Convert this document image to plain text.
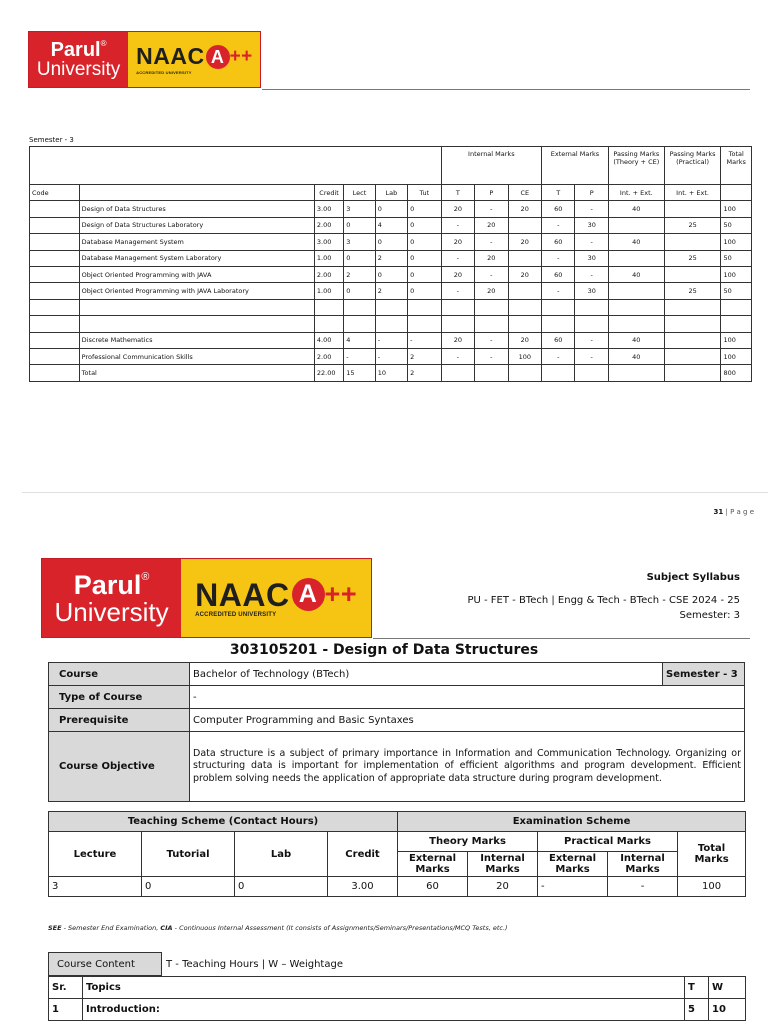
Parul®
University
NAAC A ++
ACCREDITED UNIVERSITY
Semester - 3
						Internal Marks			External Marks		Passing Marks (Theory + CE)	Passing Marks (Practical)	Total Marks
Code		Credit	Lect	Lab	Tut	T	P	CE	T	P	Int. + Ext.	Int. + Ext.	
	Design of Data Structures	3.00	3	0	0	20	-	20	60	-	40		100
	Design of Data Structures Laboratory	2.00	0	4	0	-	20		-	30		25	50
	Database Management System	3.00	3	0	0	20	-	20	60	-	40		100
	Database Management System Laboratory	1.00	0	2	0	-	20		-	30		25	50
	Object Oriented Programming with JAVA	2.00	2	0	0	20	-	20	60	-	40		100
	Object Oriented Programming with JAVA Laboratory	1.00	0	2	0	-	20		-	30		25	50

	Discrete Mathematics	4.00	4	-	-	20	-	20	60	-	40		100
	Professional Communication Skills	2.00	-	-	2	-	-	100	-	-	40		100
	Total	22.00	15	10	2								800
31 | P a g e
Parul®
University NAAC A ++
ACCREDITED UNIVERSITY
Subject Syllabus
PU - FET - BTech | Engg & Tech - BTech - CSE 2024 - 25
Semester: 3
303105201 - Design of Data Structures
Course	Bachelor of Technology (BTech)	Semester - 3
Type of Course	-	
Prerequisite	Computer Programming and Basic Syntaxes	
Course Objective	Data structure is a subject of primary importance in Information and Communication Technology. Organizing or structuring data is important for implementation of efficient algorithms and program development. Efficient problem solving needs the application of appropriate data structure during program development.	
Teaching Scheme (Contact Hours)				Examination Scheme				
Lecture	Tutorial	Lab	Credit	Theory Marks		Practical Marks		Total Marks
				External Marks	Internal Marks	External Marks	Internal Marks	
3	0	0	3.00	60	20	-	-	100
SEE - Semester End Examination, CIA - Continuous Internal Assessment (It consists of Assignments/Seminars/Presentations/MCQ Tests, etc.)
Course Content	T - Teaching Hours | W – Weightage
Sr.	Topics	T	W
1	Introduction:	5	10
